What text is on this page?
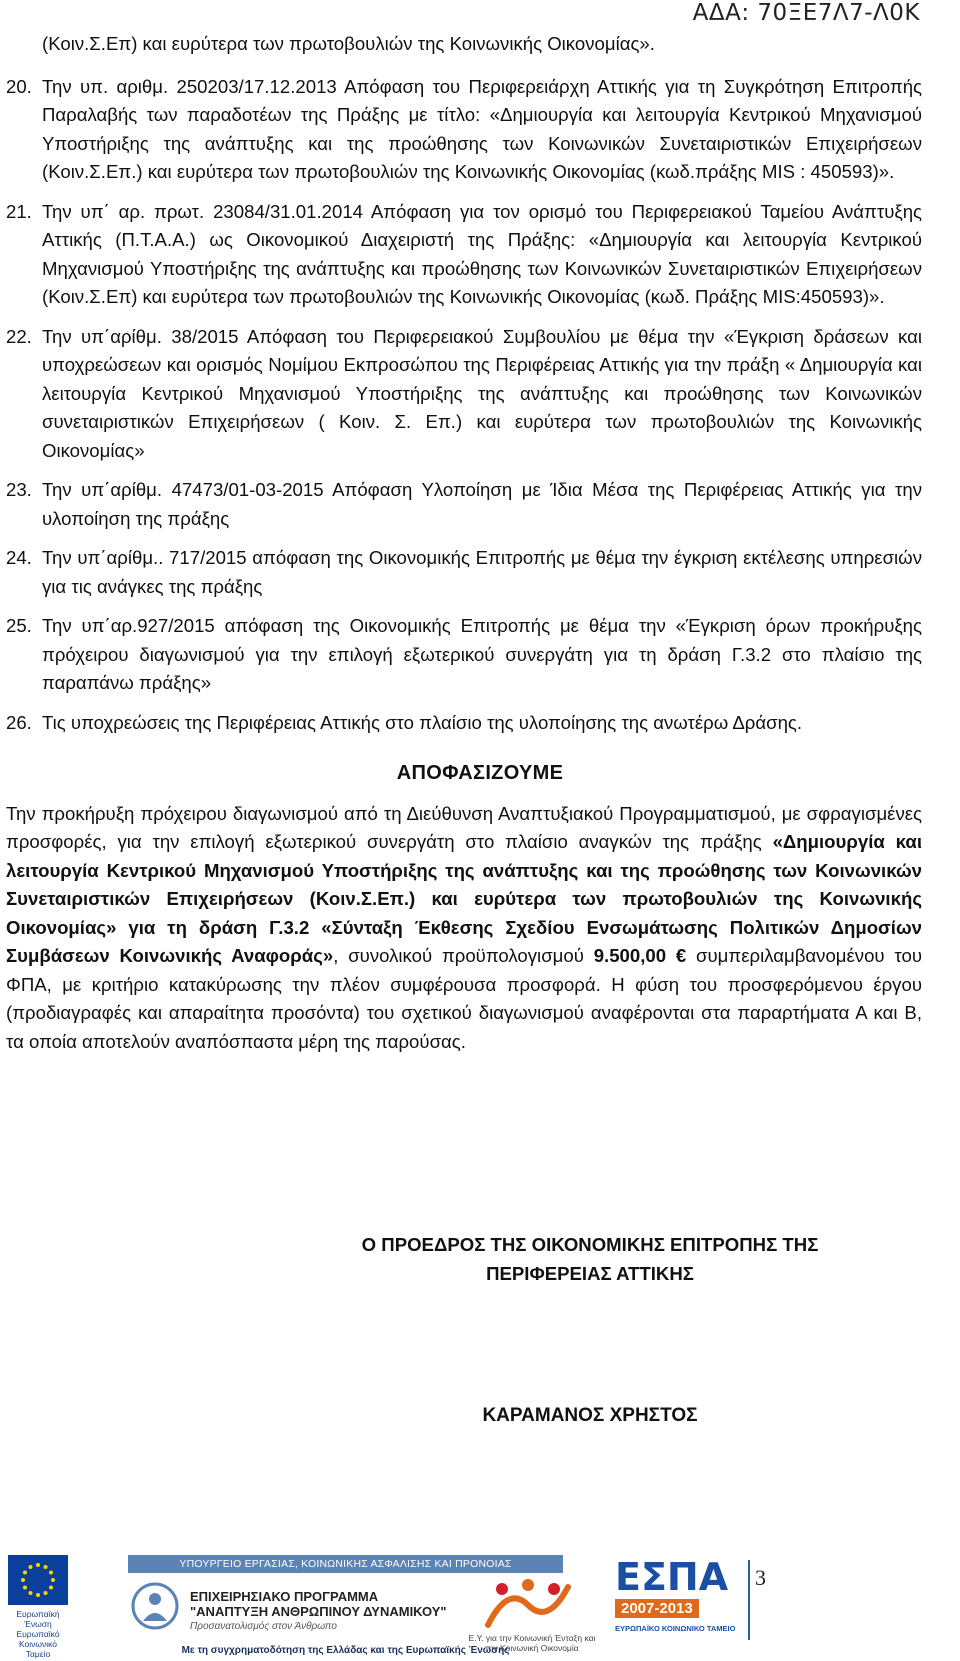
ΑΔΑ: 70ΞΕ7Λ7-Λ0Κ
(Κοιν.Σ.Επ) και ευρύτερα των πρωτοβουλιών της Κοινωνικής Οικονομίας».
20. Την υπ. αριθμ. 250203/17.12.2013 Απόφαση του Περιφερειάρχη Αττικής για τη Συγκρότηση Επιτροπής Παραλαβής των παραδοτέων της Πράξης με τίτλο: «Δημιουργία και λειτουργία Κεντρικού Μηχανισμού Υποστήριξης της ανάπτυξης και της προώθησης των Κοινωνικών Συνεταιριστικών Επιχειρήσεων (Κοιν.Σ.Επ.) και ευρύτερα των πρωτοβουλιών της Κοινωνικής Οικονομίας (κωδ.πράξης MIS : 450593)».
21. Την υπ΄ αρ. πρωτ. 23084/31.01.2014 Απόφαση για τον ορισμό του Περιφερειακού Ταμείου Ανάπτυξης Αττικής (Π.Τ.Α.Α.) ως Οικονομικού Διαχειριστή της Πράξης: «Δημιουργία και λειτουργία Κεντρικού Μηχανισμού Υποστήριξης της ανάπτυξης και προώθησης των Κοινωνικών Συνεταιριστικών Επιχειρήσεων (Κοιν.Σ.Επ) και ευρύτερα των πρωτοβουλιών της Κοινωνικής Οικονομίας (κωδ. Πράξης MIS:450593)».
22. Την υπ΄αρίθμ. 38/2015 Απόφαση του Περιφερειακού Συμβουλίου με θέμα την «Έγκριση δράσεων και υποχρεώσεων και ορισμός Νομίμου Εκπροσώπου της Περιφέρειας Αττικής για την πράξη « Δημιουργία και λειτουργία Κεντρικού Μηχανισμού Υποστήριξης της ανάπτυξης και προώθησης των Κοινωνικών συνεταιριστικών Επιχειρήσεων ( Κοιν. Σ. Επ.) και ευρύτερα των πρωτοβουλιών της Κοινωνικής Οικονομίας»
23. Την υπ΄αρίθμ. 47473/01-03-2015 Απόφαση Υλοποίηση με Ίδια Μέσα της Περιφέρειας Αττικής για την υλοποίηση της πράξης
24. Την υπ΄αρίθμ.. 717/2015 απόφαση της Οικονομικής Επιτροπής με θέμα την έγκριση εκτέλεσης υπηρεσιών για τις ανάγκες της πράξης
25. Την υπ΄αρ.927/2015 απόφαση της Οικονομικής Επιτροπής με θέμα την «Έγκριση όρων προκήρυξης πρόχειρου διαγωνισμού για την επιλογή εξωτερικού συνεργάτη για τη δράση Γ.3.2 στο πλαίσιο της παραπάνω πράξης»
26. Τις υποχρεώσεις της Περιφέρειας Αττικής στο πλαίσιο της υλοποίησης της ανωτέρω Δράσης.
ΑΠΟΦΑΣΙΖΟΥΜΕ
Την προκήρυξη πρόχειρου διαγωνισμού από τη Διεύθυνση Αναπτυξιακού Προγραμματισμού, με σφραγισμένες προσφορές, για την επιλογή εξωτερικού συνεργάτη στο πλαίσιο αναγκών της πράξης «Δημιουργία και λειτουργία Κεντρικού Μηχανισμού Υποστήριξης της ανάπτυξης και της προώθησης των Κοινωνικών Συνεταιριστικών Επιχειρήσεων (Κοιν.Σ.Επ.) και ευρύτερα των πρωτοβουλιών της Κοινωνικής Οικονομίας» για τη δράση Γ.3.2 «Σύνταξη Έκθεσης Σχεδίου Ενσωμάτωσης Πολιτικών Δημοσίων Συμβάσεων Κοινωνικής Αναφοράς», συνολικού προϋπολογισμού 9.500,00 € συμπεριλαμβανομένου του ΦΠΑ, με κριτήριο κατακύρωσης την πλέον συμφέρουσα προσφορά. Η φύση του προσφερόμενου έργου (προδιαγραφές και απαραίτητα προσόντα) του σχετικού διαγωνισμού αναφέρονται στα παραρτήματα Α και Β, τα οποία αποτελούν αναπόσπαστα μέρη της παρούσας.
Ο ΠΡΟΕΔΡΟΣ ΤΗΣ ΟΙΚΟΝΟΜΙΚΗΣ ΕΠΙΤΡΟΠΗΣ ΤΗΣ
ΠΕΡΙΦΕΡΕΙΑΣ ΑΤΤΙΚΗΣ
ΚΑΡΑΜΑΝΟΣ ΧΡΗΣΤΟΣ
Ευρωπαϊκή Ένωση Ευρωπαϊκό Κοινωνικό Ταμείο
ΥΠΟΥΡΓΕΙΟ ΕΡΓΑΣΙΑΣ, ΚΟΙΝΩΝΙΚΗΣ ΑΣΦΑΛΙΣΗΣ ΚΑΙ ΠΡΟΝΟΙΑΣ
ΕΠΙΧΕΙΡΗΣΙΑΚΟ ΠΡΟΓΡΑΜΜΑ
"ΑΝΑΠΤΥΞΗ ΑΝΘΡΩΠΙΝΟΥ ΔΥΝΑΜΙΚΟΥ"
Προσανατολισμός στον Άνθρωπο
Ε.Υ. για την Κοινωνική Ένταξη και την Κοινωνική Οικονομία
Με τη συγχρηματοδότηση της Ελλάδας και της Ευρωπαϊκής Ένωσης
ΕΣΠΑ
2007-2013
ΕΥΡΩΠΑΪΚΟ ΚΟΙΝΩΝΙΚΟ ΤΑΜΕΙΟ
3
